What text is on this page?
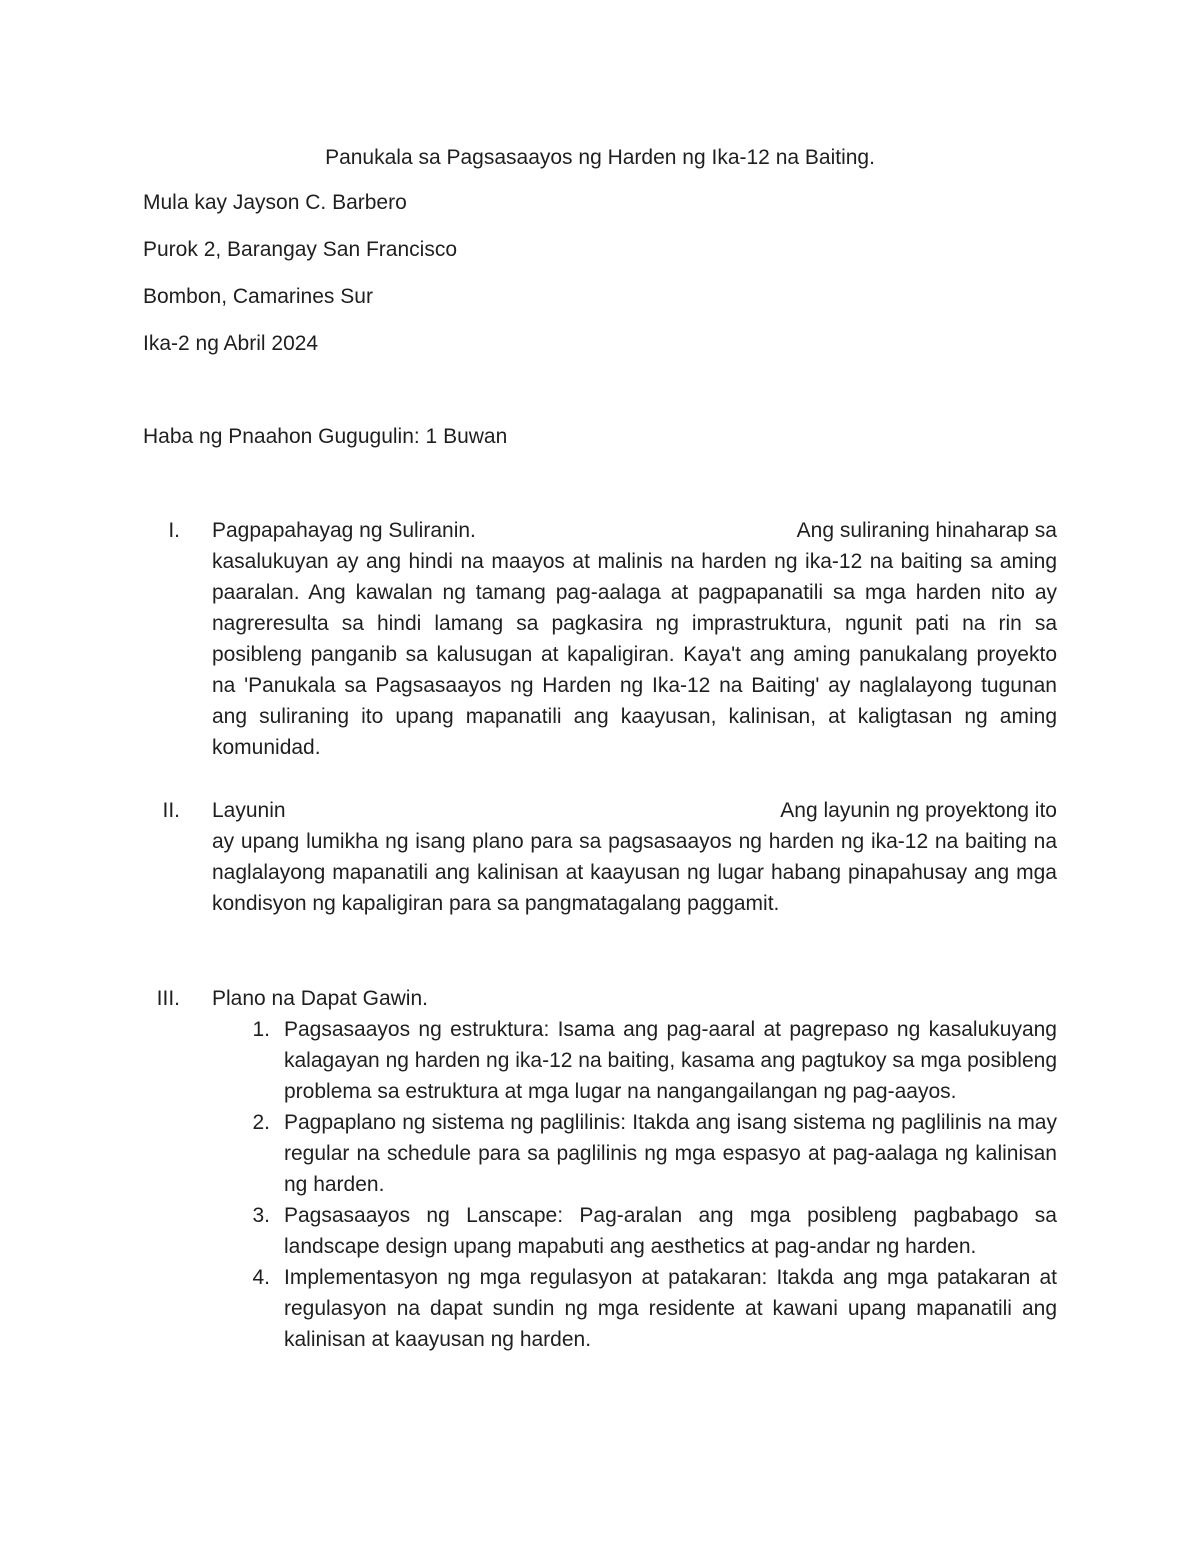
Panukala sa Pagsasaayos ng Harden ng Ika-12 na Baiting.
Mula kay Jayson C. Barbero
Purok 2, Barangay San Francisco
Bombon, Camarines Sur
Ika-2 ng Abril 2024
Haba ng Pnaahon Gugugulin: 1 Buwan
I. Pagpapahayag ng Suliranin.	Ang suliraning hinaharap sa
kasalukuyan ay ang hindi na maayos at malinis na harden ng ika-12 na baiting sa aming paaralan. Ang kawalan ng tamang pag-aalaga at pagpapanatili sa mga harden nito ay nagreresulta sa hindi lamang sa pagkasira ng imprastruktura, ngunit pati na rin sa posibleng panganib sa kalusugan at kapaligiran. Kaya't ang aming panukalang proyekto na 'Panukala sa Pagsasaayos ng Harden ng Ika-12 na Baiting' ay naglalayong tugunan ang suliraning ito upang mapanatili ang kaayusan, kalinisan, at kaligtasan ng aming komunidad.
II. Layunin	Ang layunin ng proyektong ito
ay upang lumikha ng isang plano para sa pagsasaayos ng harden ng ika-12 na baiting na naglalayong mapanatili ang kalinisan at kaayusan ng lugar habang pinapahusay ang mga kondisyon ng kapaligiran para sa pangmatagalang paggamit.
III. Plano na Dapat Gawin.
1. Pagsasaayos ng estruktura: Isama ang pag-aaral at pagrepaso ng kasalukuyang kalagayan ng harden ng ika-12 na baiting, kasama ang pagtukoy sa mga posibleng problema sa estruktura at mga lugar na nangangailangan ng pag-aayos.
2. Pagpaplano ng sistema ng paglilinis: Itakda ang isang sistema ng paglilinis na may regular na schedule para sa paglilinis ng mga espasyo at pag-aalaga ng kalinisan ng harden.
3. Pagsasaayos ng Lanscape: Pag-aralan ang mga posibleng pagbabago sa landscape design upang mapabuti ang aesthetics at pag-andar ng harden.
4. Implementasyon ng mga regulasyon at patakaran: Itakda ang mga patakaran at regulasyon na dapat sundin ng mga residente at kawani upang mapanatili ang kalinisan at kaayusan ng harden.
